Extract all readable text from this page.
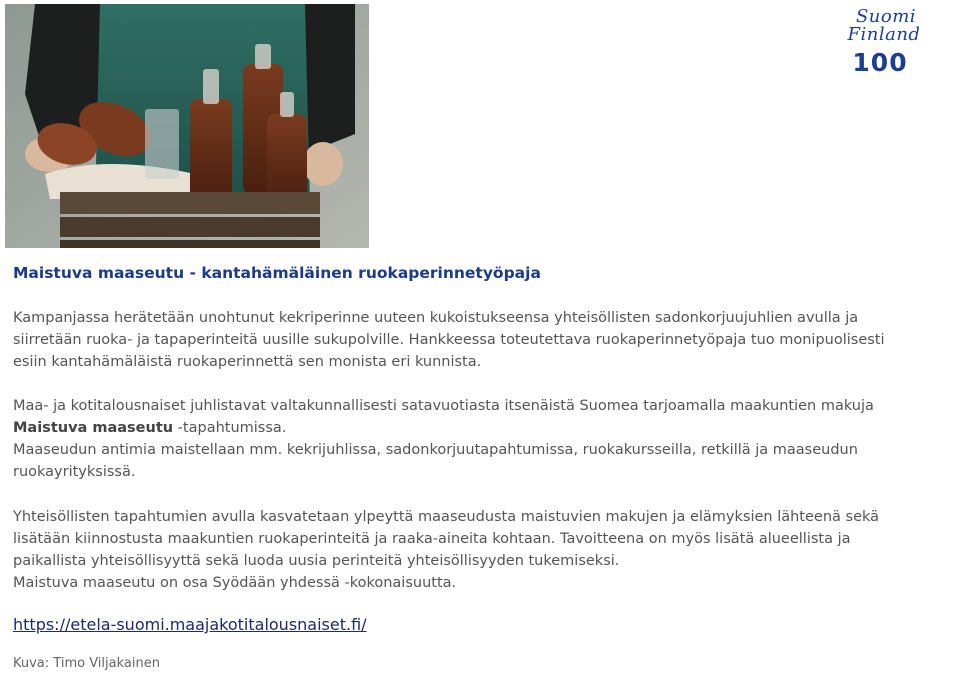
Suomi
Finland
100
Maistuva maaseutu - kantahämäläinen ruokaperinnetyöpaja

Kampanjassa herätetään unohtunut kekriperinne uuteen kukoistukseensa yhteisöllisten sadonkorjuujuhlien avulla ja
siirretään ruoka- ja tapaperinteitä uusille sukupolville. Hankkeessa toteutettava ruokaperinnetyöpaja tuo monipuolisesti
esiin kantahämäläistä ruokaperinnettä sen monista eri kunnista.

Maa- ja kotitalousnaiset juhlistavat valtakunnallisesti satavuotiasta itsenäistä Suomea tarjoamalla maakuntien makuja
Maistuva maaseutu -tapahtumissa.
Maaseudun antimia maistellaan mm. kekrijuhlissa, sadonkorjuutapahtumissa, ruokakursseilla, retkillä ja maaseudun
ruokayrityksissä.

Yhteisöllisten tapahtumien avulla kasvatetaan ylpeyttä maaseudusta maistuvien makujen ja elämyksien lähteenä sekä
lisätään kiinnostusta maakuntien ruokaperinteitä ja raaka-aineita kohtaan. Tavoitteena on myös lisätä alueellista ja
paikallista yhteisöllisyyttä sekä luoda uusia perinteitä yhteisöllisyyden tukemiseksi.
Maistuva maaseutu on osa Syödään yhdessä -kokonaisuutta.

https://etela-suomi.maajakotitalousnaiset.fi/
Kuva: Timo Viljakainen
